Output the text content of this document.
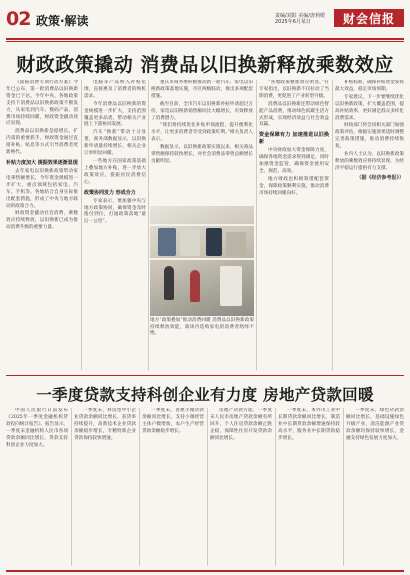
02 政策·解读	责编/刘阳 美编/唐莉媛
2025年6月某日	财会信报
财政政策撬动 消费品以旧换新释放乘数效应

《提振消费专项行动方案》今年已公布，第一批消费品以旧换新资金已下达。今年中央、各地政策支持下消费品以旧换新政策不断发力，从家电到汽车、数码产品，消费市场持续回暖，财政资金撬动效应显现。

消费品以旧换新是稳增长、扩内需的重要抓手。财政资金通过直接补贴、贴息等方式引导消费者更新换代。

补贴力度加大 提振效果逐渐显现

去年家电以旧换新政策带动家电零售额增长，今年资金规模进一步扩大，重点领域包括家电、汽车、手机等。各地结合自身实际推出配套措施，形成了中央与地方联动的政策合力。

财政资金撬动社会消费，乘数效应持续释放，以旧换新已成为推动消费升级的重要力量。

电脑等产品纳入补贴范围，直接惠及了消费者的购机需求。

今年消费品以旧换新的资金规模进一步扩大，支持范围覆盖更多品类，带动相关产业链上下游协同发展。

汽车“换新”带动十分显著，商务部数据显示，以旧换新申请量持续增长，相关企业订单明显回暖。

一些地方在国家政策基础上叠加地方补贴，进一步放大政策效应，提振居民消费信心。

政策协同发力 形成合力

专家表示，要加强中央与地方政策协同，确保资金及时拨付到位，打通政策落地“最后一公里”。

重庆市商务委积极推动新一轮汽车、家电以旧换新政策落地实施，市区两级联动，推出多项配套措施。

截至目前，全市汽车以旧换新补贴申请超过万份，家电以旧换新销售额同比大幅增长，有效释放了消费潜力。

“我们将持续优化补贴申领流程，提升便利化水平，让更多消费者享受到政策红利。”相关负责人表示。

数据显示，以旧换新政策实施以来，相关商品零售额保持较快增长，对社会消费品零售总额增长贡献明显。

地方“政策叠加”推动消费回暖 消费品以旧换新政策持续释放效能，商场内选购家电的消费者络绎不绝。

“各地政策叠加效应明显，”有专家指出，以旧换新不仅拉动了当期消费，更促进了产业转型升级。

消费品以旧换新还带动绿色智能产品消费，推动绿色低碳生活方式形成，实现经济效益与社会效益双赢。

资金保障有力 加速推进以旧换新

中央财政加大资金保障力度，确保各地资金需求得到满足，同时加强资金监管，确保资金使用安全、规范、高效。

地方财政也积极筹措配套资金，保障政策顺利实施，推动消费市场持续回暖向好。

补贴标准，确保补贴资金发挥最大效益，稳定市场预期。

专家建议，下一步要继续优化以旧换新政策，扩大覆盖范围，提高补贴效率，更好满足群众多样化消费需求。

财政部门将会同相关部门加强政策评估，根据实施效果适时调整完善政策措施，推动消费持续恢复。

业内人士认为，以旧换新政策释放的乘数效应将持续显现，为经济平稳运行提供有力支撑。

（据《经济参考报》）

一季度贷款支持科创企业有力度 房地产贷款回暖

中国人民银行日前发布《2025年一季度金融机构贷款投向统计报告》。报告显示，一季度末金融机构人民币各项贷款余额同比增长，贷款支持科创企业力度加大。

一季度末，科技型中小企业贷款余额同比增长，获贷率持续提升，高新技术企业贷款余额稳步增长，专精特新企业贷款保持较快增速。

一季度末，普惠小微贷款余额同比增长，支持小微经营主体户数增加，农户生产经营贷款余额稳步增长。

房地产贷款方面，一季度末人民币房地产贷款余额有所回升，个人住房贷款余额止跌企稳，保障性住房开发贷款余额同比增长。

一季度末，本外币工业中长期贷款余额同比增长，制造业中长期贷款余额增速保持较高水平，服务业中长期贷款稳步增长。

一季度末，绿色贷款余额同比增长，基础设施绿色升级产业、清洁能源产业贷款余额均保持较快增长，金融支持绿色发展力度加大。
